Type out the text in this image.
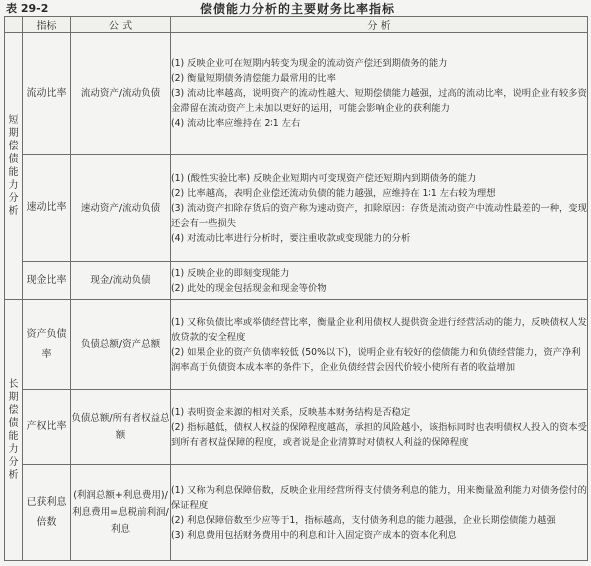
表 29-2	偿债能力分析的主要财务比率指标
	指标	公 式	分 析
短期偿债能力分析	流动比率	流动资产/流动负债	(1) 反映企业可在短期内转变为现金的流动资产偿还到期债务的能力

(2) 衡量短期债务清偿能力最常用的比率

(3) 流动比率越高，说明资产的流动性越大、短期偿债能力越强，过高的流动比率，说明企业有较多资金滞留在流动资产上未加以更好的运用，可能会影响企业的获利能力

(4) 流动比率应维持在 2∶1 左右

	速动比率	速动资产/流动负债	(1) (酸性实验比率) 反映企业短期内可变现资产偿还短期内到期债务的能力

(2) 比率越高，表明企业偿还流动负债的能力越强，应维持在 1∶1 左右较为理想

(3) 流动资产扣除存货后的资产称为速动资产，扣除原因：存货是流动资产中流动性最差的一种，变现还会有一些损失

(4) 对流动比率进行分析时，要注重收款或变现能力的分析

	现金比率	现金/流动负债	(1) 反映企业的即刻变现能力

(2) 此处的现金包括现金和现金等价物

长期偿债能力分析	资产负债率	负债总额/资产总额	(1) 又称负债比率或举债经营比率，衡量企业利用债权人提供资金进行经营活动的能力，反映债权人发放贷款的安全程度

(2) 如果企业的资产负债率较低 (50%以下)，说明企业有较好的偿债能力和负债经营能力，资产净利润率高于负债资本成本率的条件下，企业负债经营会因代价较小使所有者的收益增加

	产权比率	负债总额/所有者权益总额	(1) 表明资金来源的相对关系，反映基本财务结构是否稳定

(2) 指标越低，债权人权益的保障程度越高，承担的风险越小，该指标同时也表明债权人投入的资本受到所有者权益保障的程度，或者说是企业清算时对债权人利益的保障程度

	已获利息倍数	(利润总额+利息费用)/利息费用=息税前利润/利息	(1) 又称为利息保障倍数，反映企业用经营所得支付债务利息的能力，用来衡量盈利能力对债务偿付的保证程度

(2) 利息保障倍数至少应等于1，指标越高，支付债务利息的能力越强，企业长期偿债能力越强

(3) 利息费用包括财务费用中的利息和计入固定资产成本的资本化利息
